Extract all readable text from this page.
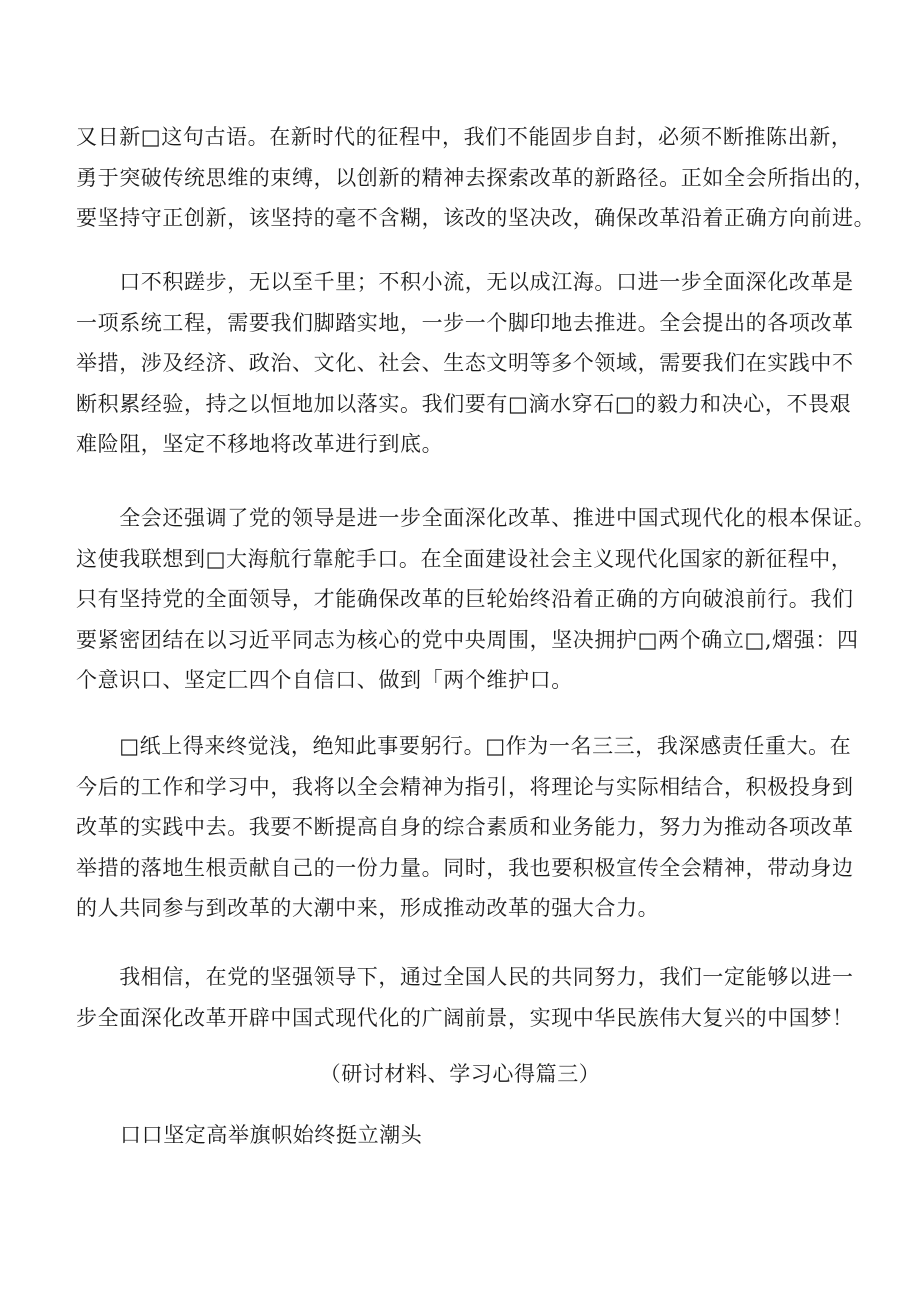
又日新□这句古语。在新时代的征程中，我们不能固步自封，必须不断推陈出新，
勇于突破传统思维的束缚，以创新的精神去探索改革的新路径。正如全会所指出的，
要坚持守正创新，该坚持的毫不含糊，该改的坚决改，确保改革沿着正确方向前进。

　　口不积蹉步，无以至千里；不积小流，无以成江海。口进一步全面深化改革是
一项系统工程，需要我们脚踏实地，一步一个脚印地去推进。全会提出的各项改革
举措，涉及经济、政治、文化、社会、生态文明等多个领域，需要我们在实践中不
断积累经验，持之以恒地加以落实。我们要有□滴水穿石□的毅力和决心，不畏艰
难险阻，坚定不移地将改革进行到底。

　　全会还强调了党的领导是进一步全面深化改革、推进中国式现代化的根本保证。
这使我联想到□大海航行靠舵手口。在全面建设社会主义现代化国家的新征程中，
只有坚持党的全面领导，才能确保改革的巨轮始终沿着正确的方向破浪前行。我们
要紧密团结在以习近平同志为核心的党中央周围，坚决拥护□两个确立□,熠强：四
个意识口、坚定匚四个自信口、做到「两个维护口。

　　□纸上得来终觉浅，绝知此事要躬行。□作为一名三三，我深感责任重大。在
今后的工作和学习中，我将以全会精神为指引，将理论与实际相结合，积极投身到
改革的实践中去。我要不断提高自身的综合素质和业务能力，努力为推动各项改革
举措的落地生根贡献自己的一份力量。同时，我也要积极宣传全会精神，带动身边
的人共同参与到改革的大潮中来，形成推动改革的强大合力。

　　我相信，在党的坚强领导下，通过全国人民的共同努力，我们一定能够以进一
步全面深化改革开辟中国式现代化的广阔前景，实现中华民族伟大复兴的中国梦！

（研讨材料、学习心得篇三）
口口坚定高举旗帜始终挺立潮头
